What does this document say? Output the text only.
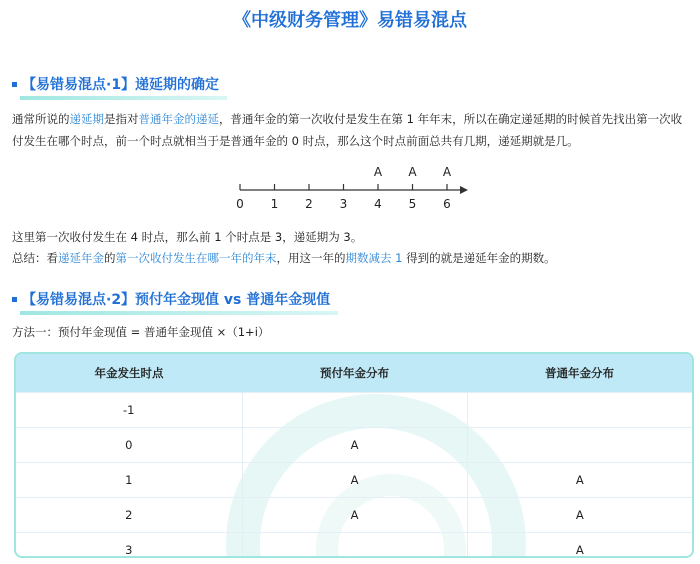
《中级财务管理》易错易混点
【易错易混点·1】递延期的确定
通常所说的递延期是指对普通年金的递延，普通年金的第一次收付是发生在第 1 年年末，所以在确定递延期的时候首先找出第一次收付发生在哪个时点，前一个时点就相当于是普通年金的 0 时点，那么这个时点前面总共有几期，递延期就是几。
0 1 2 3 4 5 6
A A A
这里第一次收付发生在 4 时点，那么前 1 个时点是 3，递延期为 3。
总结：看递延年金的第一次收付发生在哪一年的年末，用这一年的期数减去 1 得到的就是递延年金的期数。
【易错易混点·2】预付年金现值 vs 普通年金现值
方法一：预付年金现值 = 普通年金现值 ×（1+i）
年金发生时点	预付年金分布	普通年金分布
-1		
0	A	
1	A	A
2	A	A
3		A
